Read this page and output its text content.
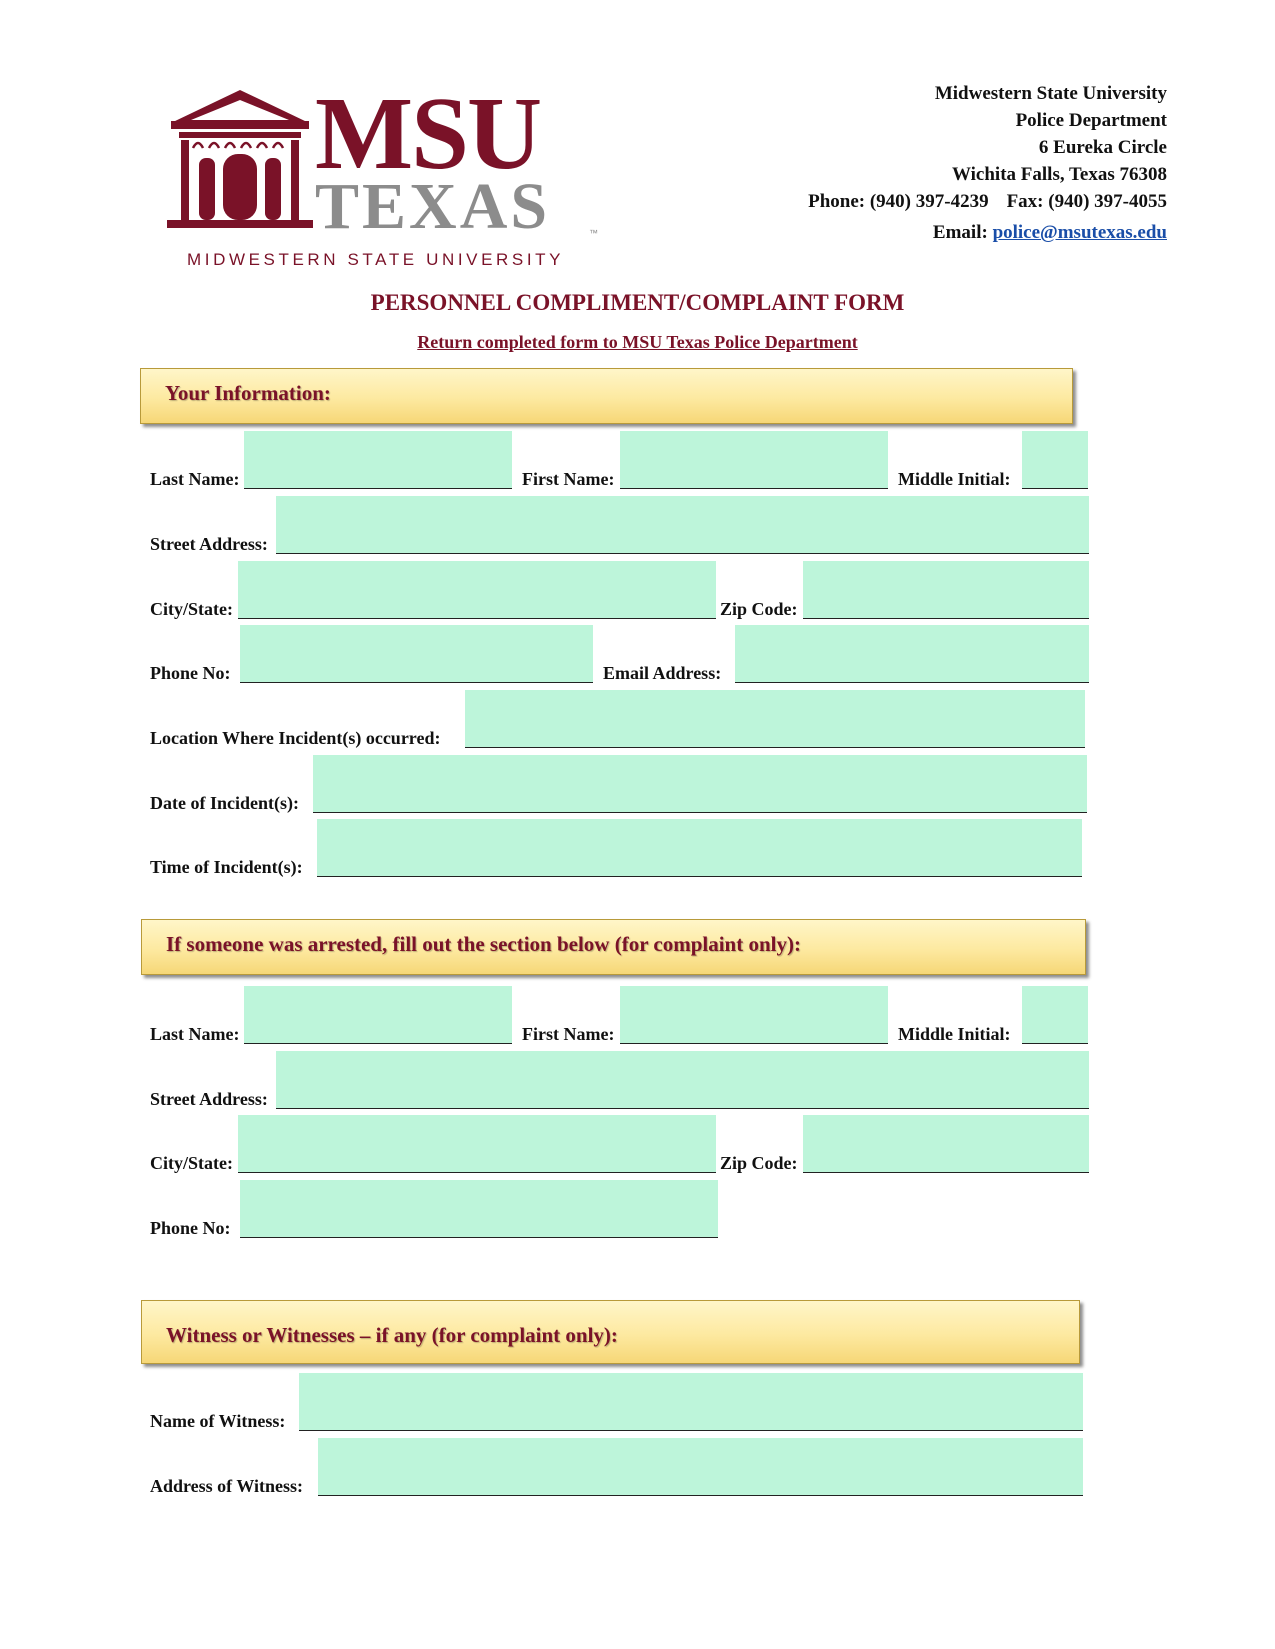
MSU
TEXAS	™
MIDWESTERN STATE UNIVERSITY
Midwestern State University
Police Department
6 Eureka Circle
Wichita Falls, Texas 76308
Phone: (940) 397-4239 Fax: (940) 397-4055
Email: police@msutexas.edu
PERSONNEL COMPLIMENT/COMPLAINT FORM
Return completed form to MSU Texas Police Department
Your Information:
Last Name:	First Name:	Middle Initial:
Street Address:
City/State:	Zip Code:
Phone No:	Email Address:
Location Where Incident(s) occurred:
Date of Incident(s):
Time of Incident(s):
If someone was arrested, fill out the section below (for complaint only):
Last Name:	First Name:	Middle Initial:
Street Address:
City/State:	Zip Code:
Phone No:
Witness or Witnesses – if any (for complaint only):
Name of Witness:
Address of Witness:
